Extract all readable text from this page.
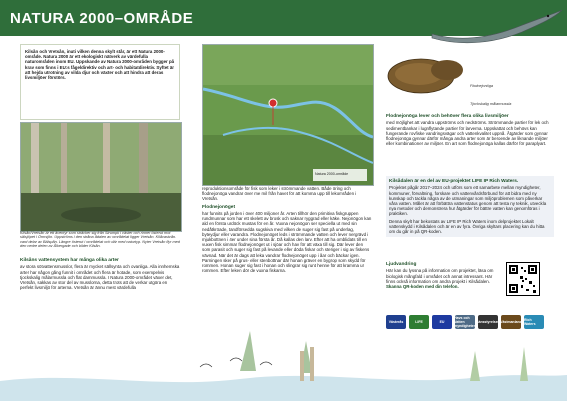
NATURA 2000–OMRÅDE
Kilsån och Vretsån, inuti vilken denna skylt står, är ett Natura 2000-område. Natura 2000 är ett ekologiskt nätverk av värdefulla naturområden inom EU. Uppskande av Natura 2000-områden bygger på krav som finns i EU:s fågeldirektiv och art- och habitatdirektiv. Syftet är att hejda utrotning av vilda djur och växter och att hindra att deras livsmiljöer förstörs.
Kilsån/Vretsån är ett äventyr som sträcker sig från Strumpk i väster och rinner österut mot sälsjöpet i Örmsjön. Uppströms i den stråna ådalen av områdelat ligger Vretsån. Kilåvastvån. vard delar av Bälspån. Längre österut i områdelat och där med naturtyp. Nyter Vretsån flyr med den nedre delen av Ålkergade och bilder Kilsån.
Kilsåns vattensystem har många olika arter
av stora sötvattensmusslor, flera är mycket sällsynta och ovanliga. Alla innhemska arter har någon gång funnit i området och flera är hotade, som exempelvis tjockskalig målarmussla och flat dammussla. I Natura 2000-området växer det, Vretsån, sakkas av stor del av musslorna, detta trots att de verkar utgöra en perfekt livsmiljö för arterna. Vretsån är ännu mest värdefulla
Natura 2000-område
reproduktionsområde för fisk som leker i strömmande vatten. Både öring och flodnejonöga vandrar över me mil från havet för att komma upp till lekområden i Vretsån.
Flodnejonöget
har funnits på jorden i över 400 miljoner år. Arten tillhör den primitiva fiskgruppen rundmunnar som har ett skelett av brosk och saknar ryggrad eller käke. Nejonögon kan ald en första urdöck mustas för en år. Vuxna nejonögon ser speciella ut med sin nedåtkröade, tandförsedda sugskiva med vilken de suger sig fast på underlag, byteydjur eller varandra. Flodnejonöget leds i strömmande vatten och lever nergrävd i mjukbottnen i 4er under sina första år. Då kallas den larv. Efter att ha omblidats till en vuxen fisk simmar flodnejonöget ut i sjöar och hav för att växa till sig. Där lever den som parasit och suger sig fast på levande eller döda fiskar och steriger i sig av fiskens vävnad. När det är dags att leka vandrar flodnejonöget upp i åar och bäckar igen. Parningen sker på grus- eller stenbottnar där honan gräver en bygrop som skydd för rommen. Honan suger sig fast i honan och slingrar sig runt henne för att kramma ur rommen. Efter leken dör de vuxna fiskarna.
Flodnejonöga
Tjockskalig målarmussla
Flodnejonöga lever och behöver flera olika livsmiljöer
med möjlighet att vandra uppströms och nedströms. Strömmande partier för lek och sedimentbankar i lugnflytande partier för larverna. Uppskattat och behövs kan fungerande rovfiske vandringsvägar och vattenkvalitet uppnå. Åtgärder som gynnar flodnejonöga gynnar därför många andra arter som är beroende av liknande miljöer eller kombinationer av miljöer. En art som flodnejonöga kallas därför för paraplyart.
Kilsådalen är en del av EU-projektet LIFE IP Rich Waters.
Projektet pågår 2017–2024 och utförs som ett samarbete mellan myndigheter, kommuner, förvaltning, forskare och vattenvårdsförbund för att bidra med ny kunskap och tackla några av de utmaningar som miljöproblemen som påverkar våra vatten. Målet är att förbättra vattenstatus genom att testa ny teknik, utveckla nya metoder och demonstrera hur åtgärder för bättre vatten kan genomföras i praktiken.
Denna skylt har bekostats av LIFE IP Rich Waters inom delprojektet Lokalt vattenskydd i Kilsådalen och är en av fyra. Övriga skyltars placering kan du hitta om du går in på QR-koden.
Ljudvandring
Här kan du lyssna på information om projektet, läsa om biologisk mångfald i området och annat intressant. Här finns också information om andra projekt i Kilsådalen.
Skanna QR-koden med din telefon.
Västerås	LIFE	EU
Havs och Vatten myndigheten
Länsstyrelsen Västmanland Rich Waters
